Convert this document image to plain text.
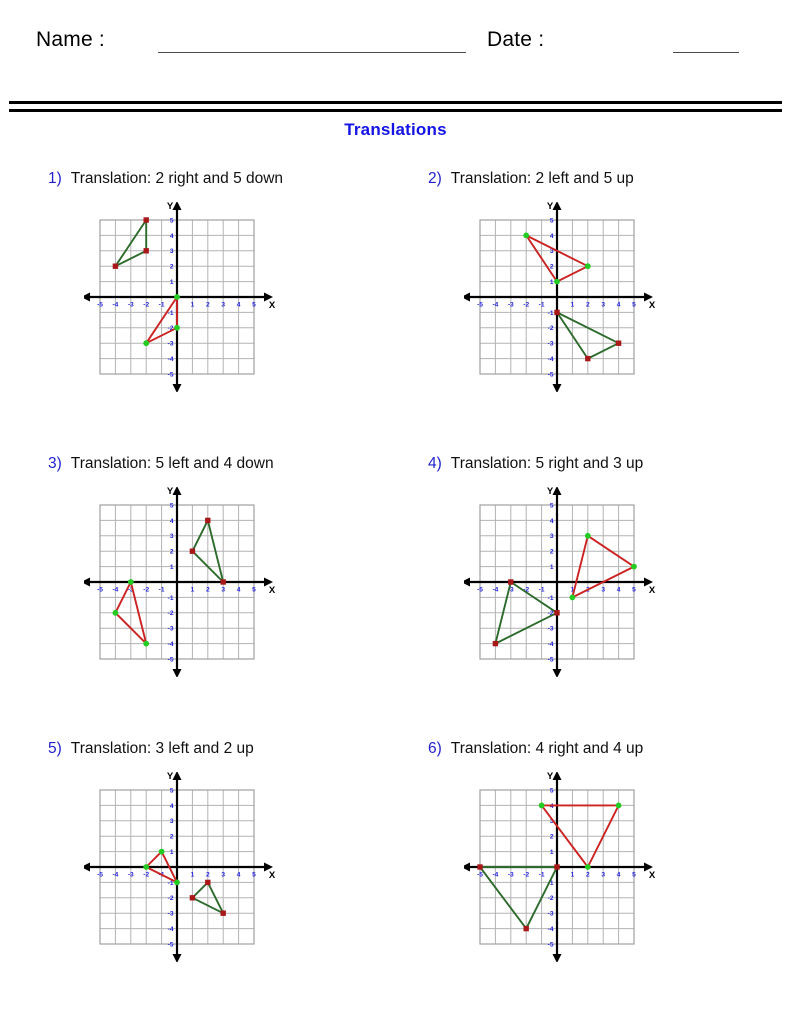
Name :	Date :
Translations
1) Translation: 2 right and 5 down
-5 -4 -3 -2 -1	1 2 3 4 5
5
4
3
2
1
-1
-2
-3
-4
-5
X
Y
2) Translation: 2 left and 5 up
-5 -4 -3 -2 -1	1 2 3 4 5
5
4
3
2
1
-1
-2
-3
-4
-5
X
Y
3) Translation: 5 left and 4 down
-5 -4 -3 -2 -1	1 2 3 4 5
5
4
3
2
1
-1
-2
-3
-4
-5
X
Y
4) Translation: 5 right and 3 up
-5 -4 -3 -2 -1	1 2 3 4 5
5
4
3
2
1
-1
-2
-3
-4
-5
X
Y
5) Translation: 3 left and 2 up
-5 -4 -3 -2 -1	1 2 3 4 5
5
4
3
2
1
-1
-2
-3
-4
-5
X
Y
6) Translation: 4 right and 4 up
-5 -4 -3 -2 -1	1 2 3 4 5
5
4
3
2
1
-1
-2
-3
-4
-5
X
Y
